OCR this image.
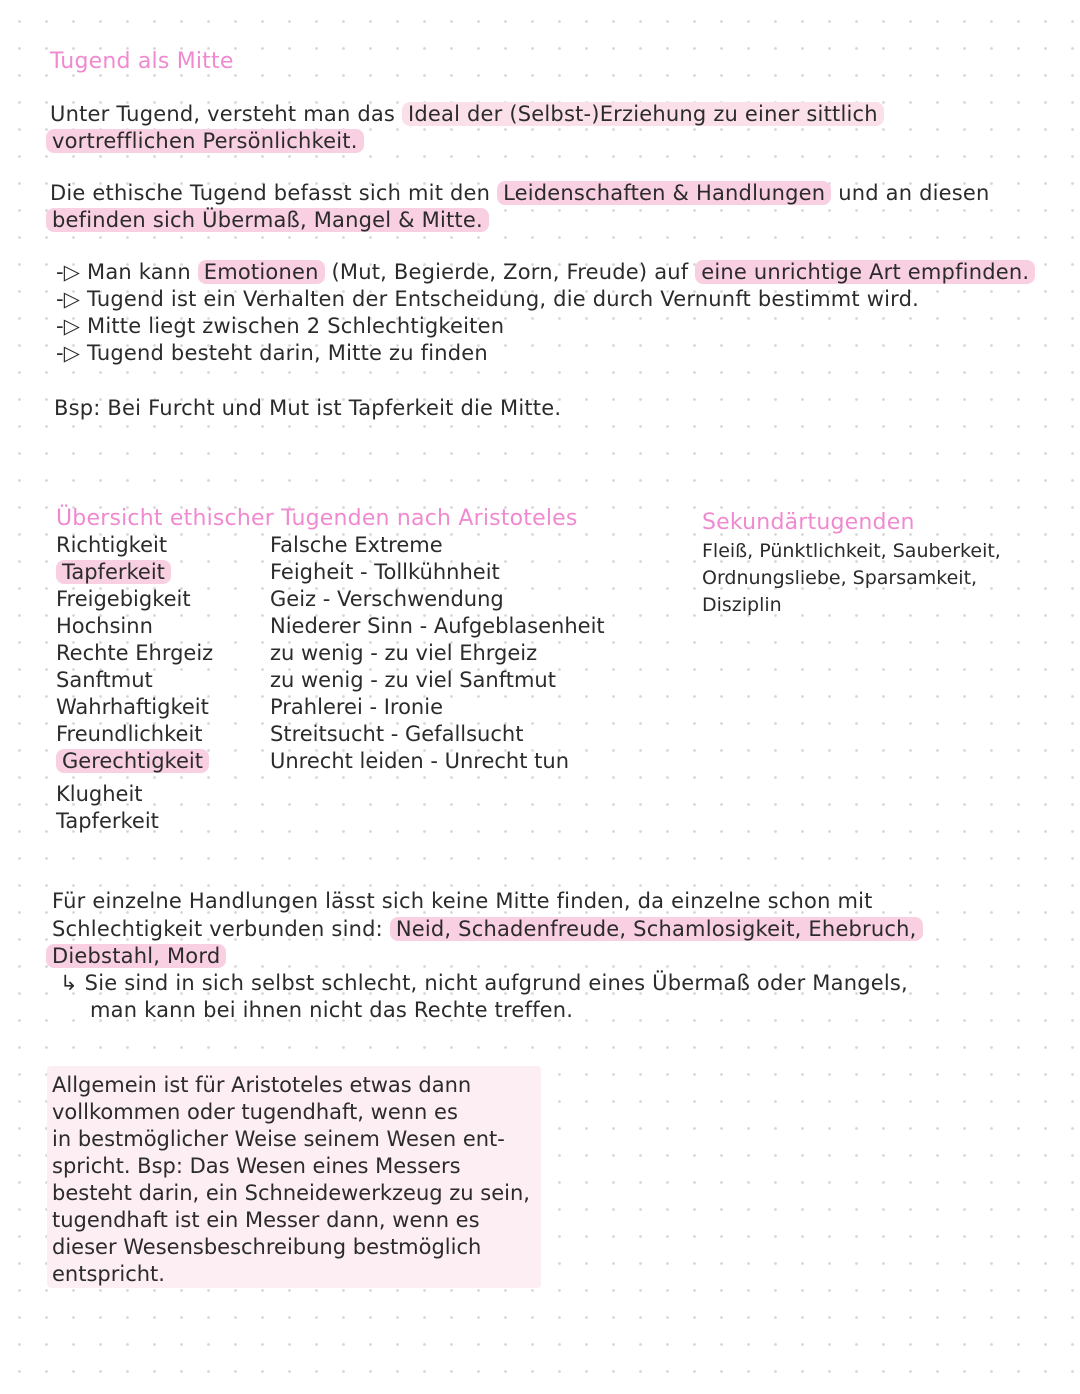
Tugend als Mitte
Unter Tugend, versteht man das Ideal der (Selbst-)Erziehung zu einer sittlich
vortrefflichen Persönlichkeit.
Die ethische Tugend befasst sich mit den Leidenschaften & Handlungen und an diesen
befinden sich Übermaß, Mangel & Mitte.
-▷ Man kann Emotionen (Mut, Begierde, Zorn, Freude) auf eine unrichtige Art empfinden.
-▷ Tugend ist ein Verhalten der Entscheidung, die durch Vernunft bestimmt wird.
-▷ Mitte liegt zwischen 2 Schlechtigkeiten
-▷ Tugend besteht darin, Mitte zu finden
Bsp: Bei Furcht und Mut ist Tapferkeit die Mitte.
Übersicht ethischer Tugenden nach Aristoteles
Richtigkeit
Tapferkeit
Freigebigkeit
Hochsinn
Rechte Ehrgeiz
Sanftmut
Wahrhaftigkeit
Freundlichkeit
Gerechtigkeit
Klugheit
Tapferkeit
Falsche Extreme
Feigheit - Tollkühnheit
Geiz - Verschwendung
Niederer Sinn - Aufgeblasenheit
zu wenig - zu viel Ehrgeiz
zu wenig - zu viel Sanftmut
Prahlerei - Ironie
Streitsucht - Gefallsucht
Unrecht leiden - Unrecht tun
Sekundärtugenden
Fleiß, Pünktlichkeit, Sauberkeit,
Ordnungsliebe, Sparsamkeit,
Disziplin
Für einzelne Handlungen lässt sich keine Mitte finden, da einzelne schon mit
Schlechtigkeit verbunden sind: Neid, Schadenfreude, Schamlosigkeit, Ehebruch,
Diebstahl, Mord
↳ Sie sind in sich selbst schlecht, nicht aufgrund eines Übermaß oder Mangels,
man kann bei ihnen nicht das Rechte treffen.
Allgemein ist für Aristoteles etwas dann
vollkommen oder tugendhaft, wenn es
in bestmöglicher Weise seinem Wesen ent-
spricht. Bsp: Das Wesen eines Messers
besteht darin, ein Schneidewerkzeug zu sein,
tugendhaft ist ein Messer dann, wenn es
dieser Wesensbeschreibung bestmöglich
entspricht.
